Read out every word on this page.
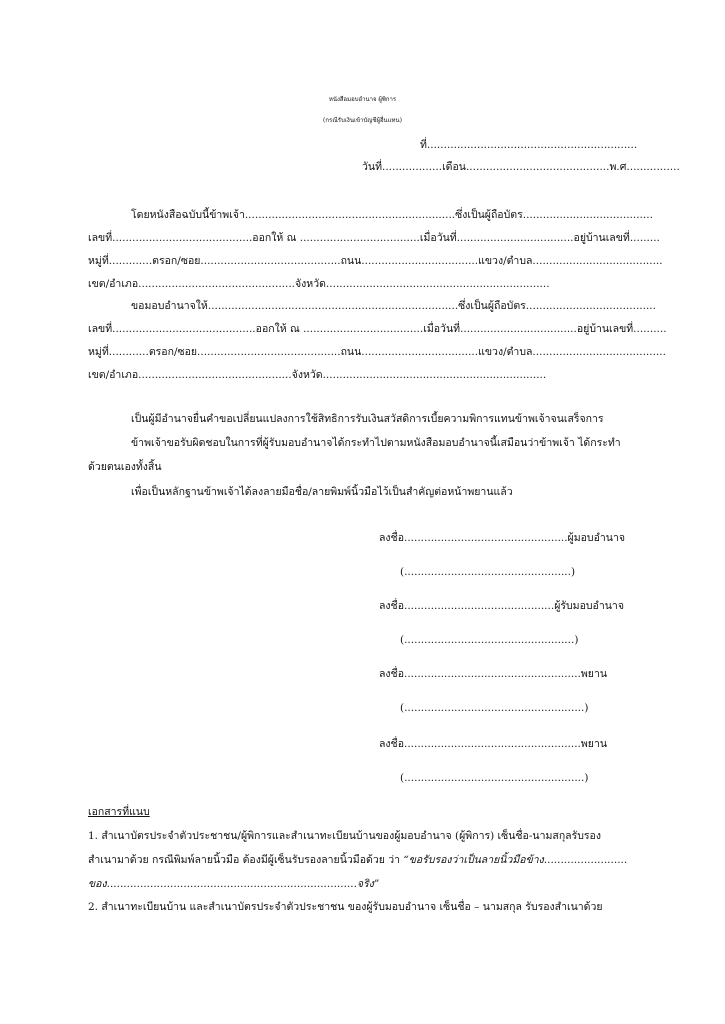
หนังสือมอบอำนาจ ผู้พิการ
(กรณีรับเงินเข้าบัญชีผู้อื่นแทน)
ที่...............................................................
วันที่..................เดือน...........................................พ.ศ................
โดยหนังสือฉบับนี้ข้าพเจ้า...............................................................ซึ่งเป็นผู้ถือบัตร.......................................
เลขที่..........................................ออกให้ ณ ....................................เมื่อวันที่...................................อยู่บ้านเลขที่.........
หมู่ที่.............ตรอก/ซอย..........................................ถนน...................................แขวง/ตำบล.......................................
เขต/อำเภอ...............................................จังหวัด...................................................................
ขอมอบอำนาจให้...........................................................................ซึ่งเป็นผู้ถือบัตร.......................................
เลขที่...........................................ออกให้ ณ ....................................เมื่อวันที่...................................อยู่บ้านเลขที่..........
หมู่ที่............ตรอก/ซอย...........................................ถนน...................................แขวง/ตำบล........................................
เขต/อำเภอ..............................................จังหวัด...................................................................
เป็นผู้มีอำนาจยื่นคำขอเปลี่ยนแปลงการใช้สิทธิการรับเงินสวัสดิการเบี้ยความพิการแทนข้าพเจ้าจนเสร็จการ
ข้าพเจ้าขอรับผิดชอบในการที่ผู้รับมอบอำนาจได้กระทำไปตามหนังสือมอบอำนาจนี้เสมือนว่าข้าพเจ้า ได้กระทำ
ด้วยตนเองทั้งสิ้น
เพื่อเป็นหลักฐานข้าพเจ้าได้ลงลายมือชื่อ/ลายพิมพ์นิ้วมือไว้เป็นสำคัญต่อหน้าพยานแล้ว
ลงชื่อ.................................................ผู้มอบอำนาจ
(..................................................)
ลงชื่อ.............................................ผู้รับมอบอำนาจ
(...................................................)
ลงชื่อ.....................................................พยาน
(......................................................)
ลงชื่อ.....................................................พยาน
(......................................................)
เอกสารที่แนบ
1. สำเนาบัตรประจำตัวประชาชน/ผู้พิการและสำเนาทะเบียนบ้านของผู้มอบอำนาจ (ผู้พิการ) เซ็นชื่อ-นามสกุลรับรอง
สำเนามาด้วย กรณีพิมพ์ลายนิ้วมือ ต้องมีผู้เซ็นรับรองลายนิ้วมือด้วย ว่า “ขอรับรองว่าเป็นลายนิ้วมือข้าง.........................
ของ...........................................................................จริง”
2. สำเนาทะเบียนบ้าน และสำเนาบัตรประจำตัวประชาชน ของผู้รับมอบอำนาจ เซ็นชื่อ – นามสกุล รับรองสำเนาด้วย
